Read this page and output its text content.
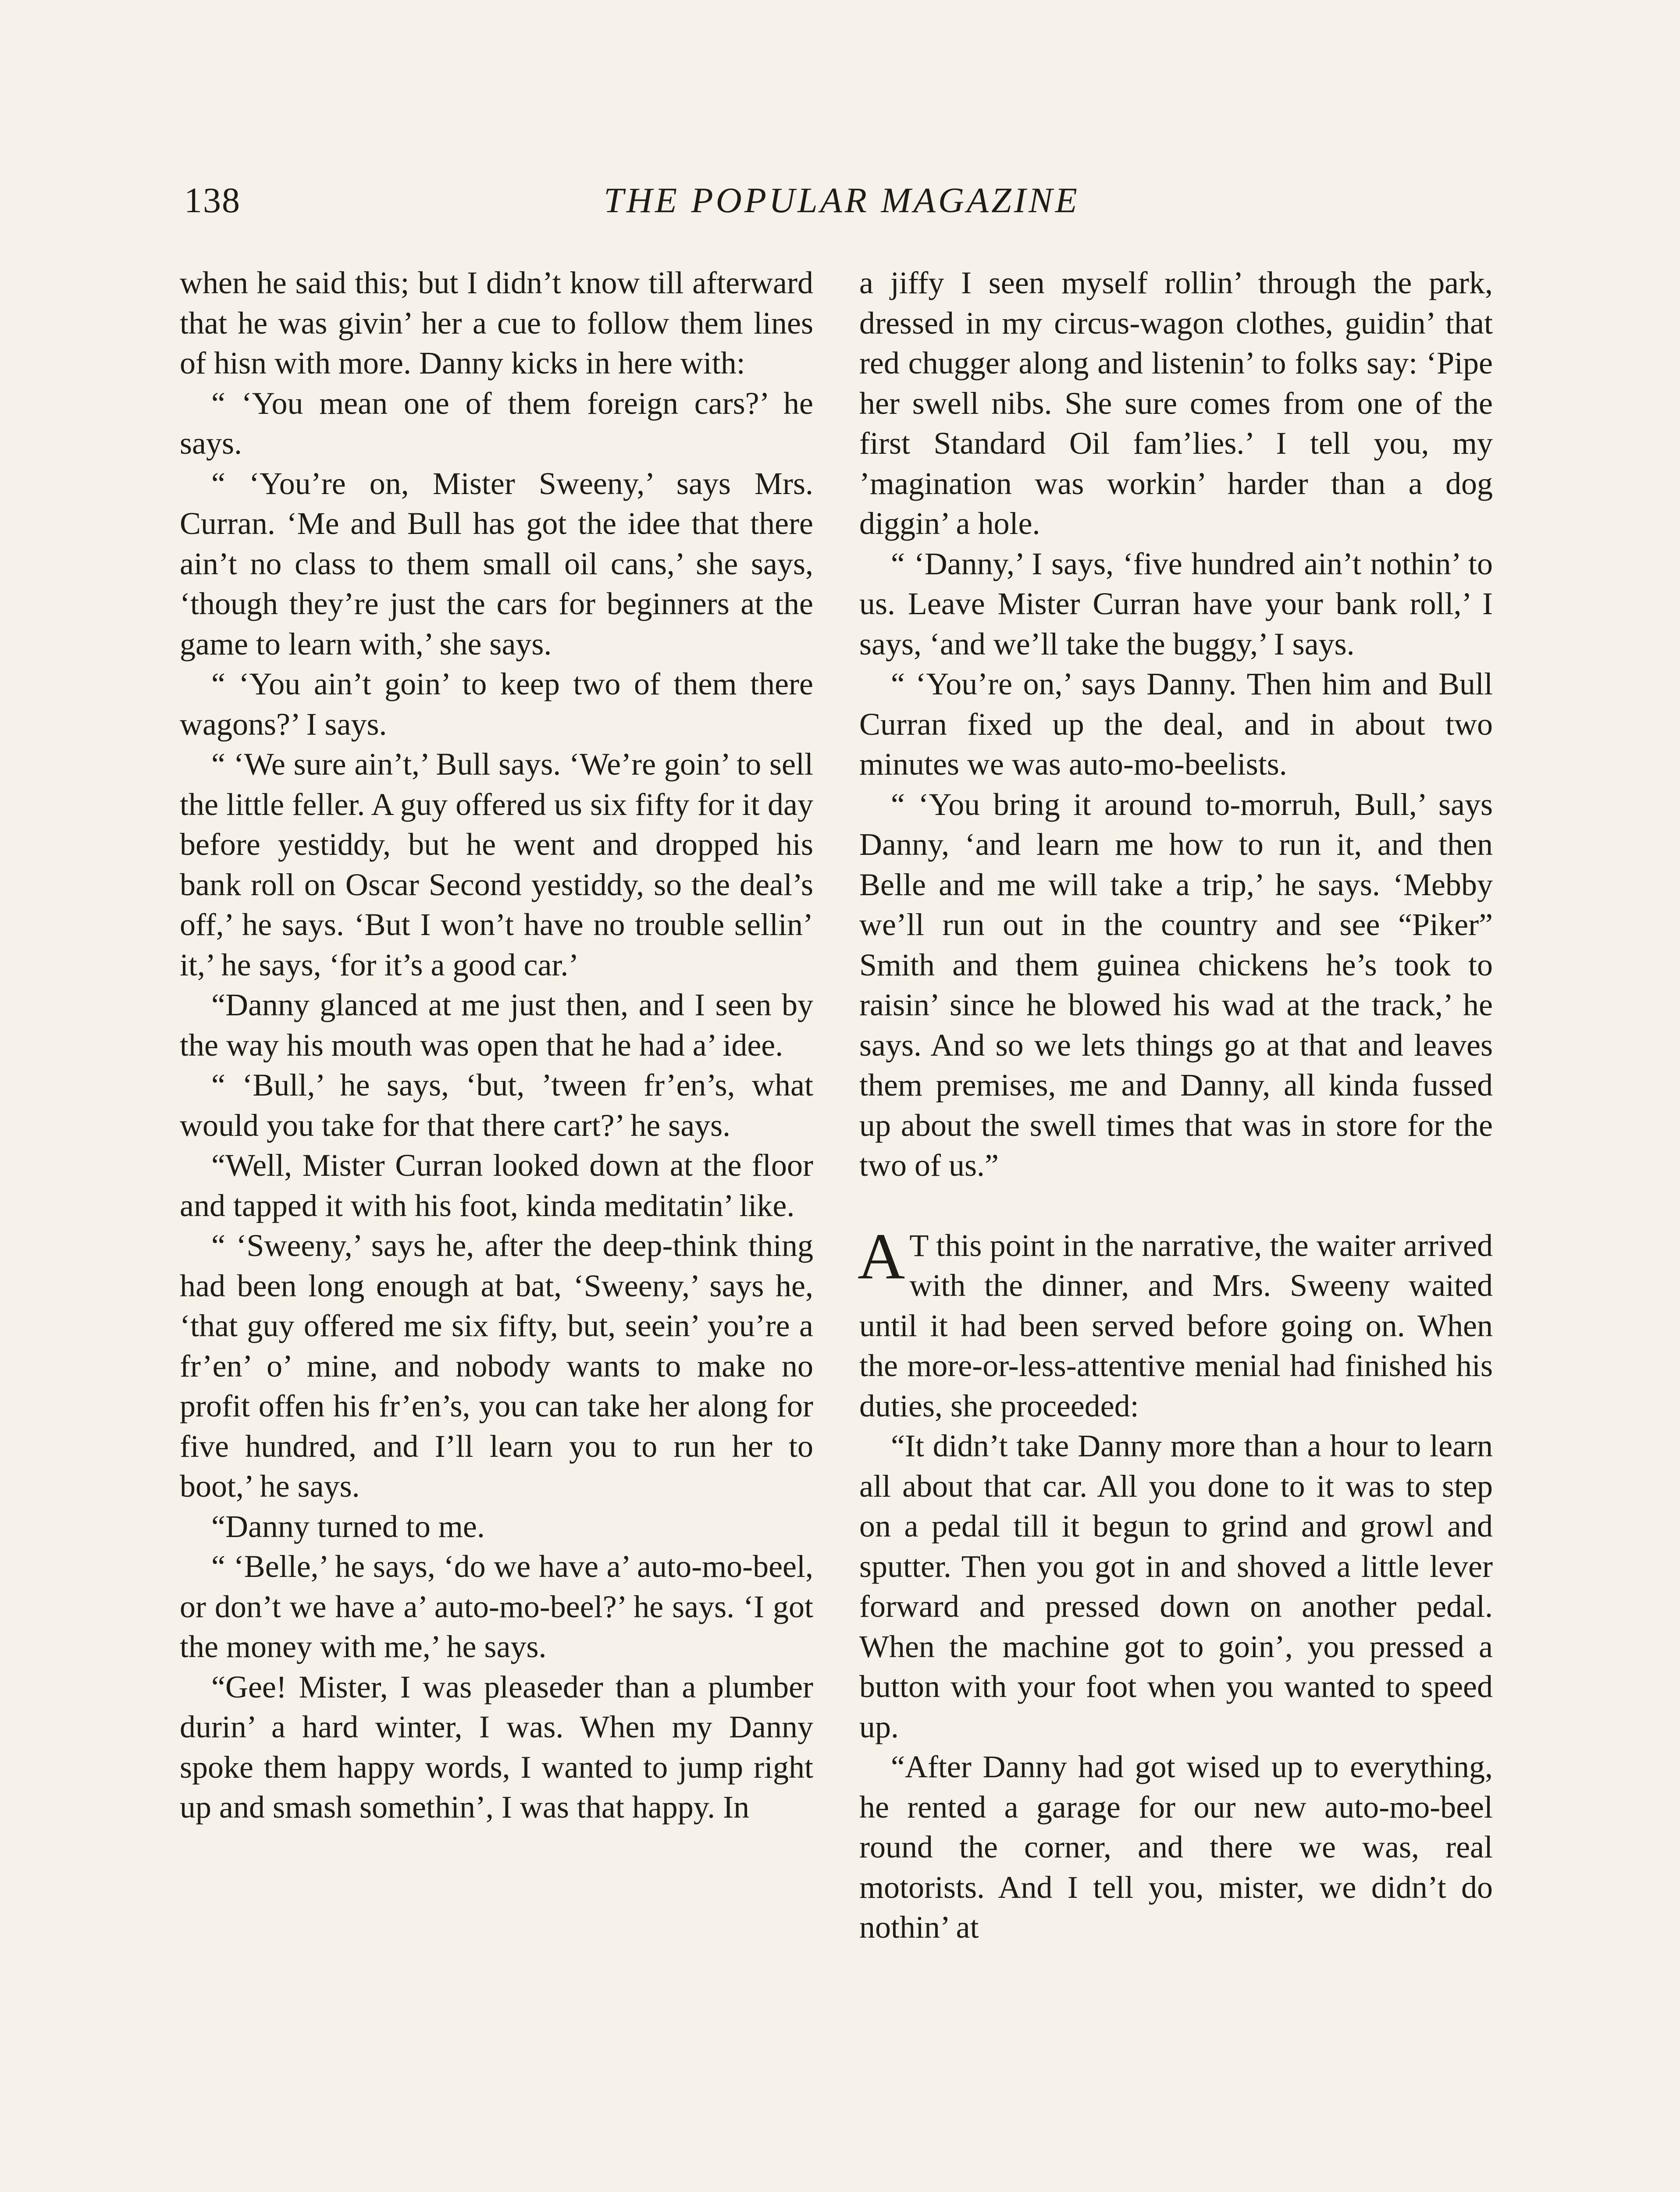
138	THE POPULAR MAGAZINE

when he said this; but I didn’t know till afterward that he was givin’ her a cue to follow them lines of hisn with more. Danny kicks in here with:

“ ‘You mean one of them foreign cars?’ he says.

“ ‘You’re on, Mister Sweeny,’ says Mrs. Curran. ‘Me and Bull has got the idee that there ain’t no class to them small oil cans,’ she says, ‘though they’re just the cars for beginners at the game to learn with,’ she says.

“ ‘You ain’t goin’ to keep two of them there wagons?’ I says.

“ ‘We sure ain’t,’ Bull says. ‘We’re goin’ to sell the little feller. A guy offered us six fifty for it day before yestiddy, but he went and dropped his bank roll on Oscar Second yestiddy, so the deal’s off,’ he says. ‘But I won’t have no trouble sellin’ it,’ he says, ‘for it’s a good car.’

“Danny glanced at me just then, and I seen by the way his mouth was open that he had a’ idee.

“ ‘Bull,’ he says, ‘but, ’tween fr’en’s, what would you take for that there cart?’ he says.

“Well, Mister Curran looked down at the floor and tapped it with his foot, kinda meditatin’ like.

“ ‘Sweeny,’ says he, after the deep-think thing had been long enough at bat, ‘Sweeny,’ says he, ‘that guy offered me six fifty, but, seein’ you’re a fr’en’ o’ mine, and nobody wants to make no profit offen his fr’en’s, you can take her along for five hundred, and I’ll learn you to run her to boot,’ he says.

“Danny turned to me.

“ ‘Belle,’ he says, ‘do we have a’ auto-mo-beel, or don’t we have a’ auto-mo-beel?’ he says. ‘I got the money with me,’ he says.

“Gee! Mister, I was pleaseder than a plumber durin’ a hard winter, I was. When my Danny spoke them happy words, I wanted to jump right up and smash somethin’, I was that happy. In

a jiffy I seen myself rollin’ through the park, dressed in my circus-wagon clothes, guidin’ that red chugger along and listenin’ to folks say: ‘Pipe her swell nibs. She sure comes from one of the first Standard Oil fam’lies.’ I tell you, my ’magination was workin’ harder than a dog diggin’ a hole.

“ ‘Danny,’ I says, ‘five hundred ain’t nothin’ to us. Leave Mister Curran have your bank roll,’ I says, ‘and we’ll take the buggy,’ I says.

“ ‘You’re on,’ says Danny. Then him and Bull Curran fixed up the deal, and in about two minutes we was auto-mo-beelists.

“ ‘You bring it around to-morruh, Bull,’ says Danny, ‘and learn me how to run it, and then Belle and me will take a trip,’ he says. ‘Mebby we’ll run out in the country and see “Piker” Smith and them guinea chickens he’s took to raisin’ since he blowed his wad at the track,’ he says. And so we lets things go at that and leaves them premises, me and Danny, all kinda fussed up about the swell times that was in store for the two of us.”

A T this point in the narrative, the waiter arrived with the dinner, and Mrs. Sweeny waited until it had been served before going on. When the more-or-less-attentive menial had finished his duties, she proceeded:

“It didn’t take Danny more than a hour to learn all about that car. All you done to it was to step on a pedal till it begun to grind and growl and sputter. Then you got in and shoved a little lever forward and pressed down on another pedal. When the machine got to goin’, you pressed a button with your foot when you wanted to speed up.

“After Danny had got wised up to everything, he rented a garage for our new auto-mo-beel round the corner, and there we was, real motorists. And I tell you, mister, we didn’t do nothin’ at
